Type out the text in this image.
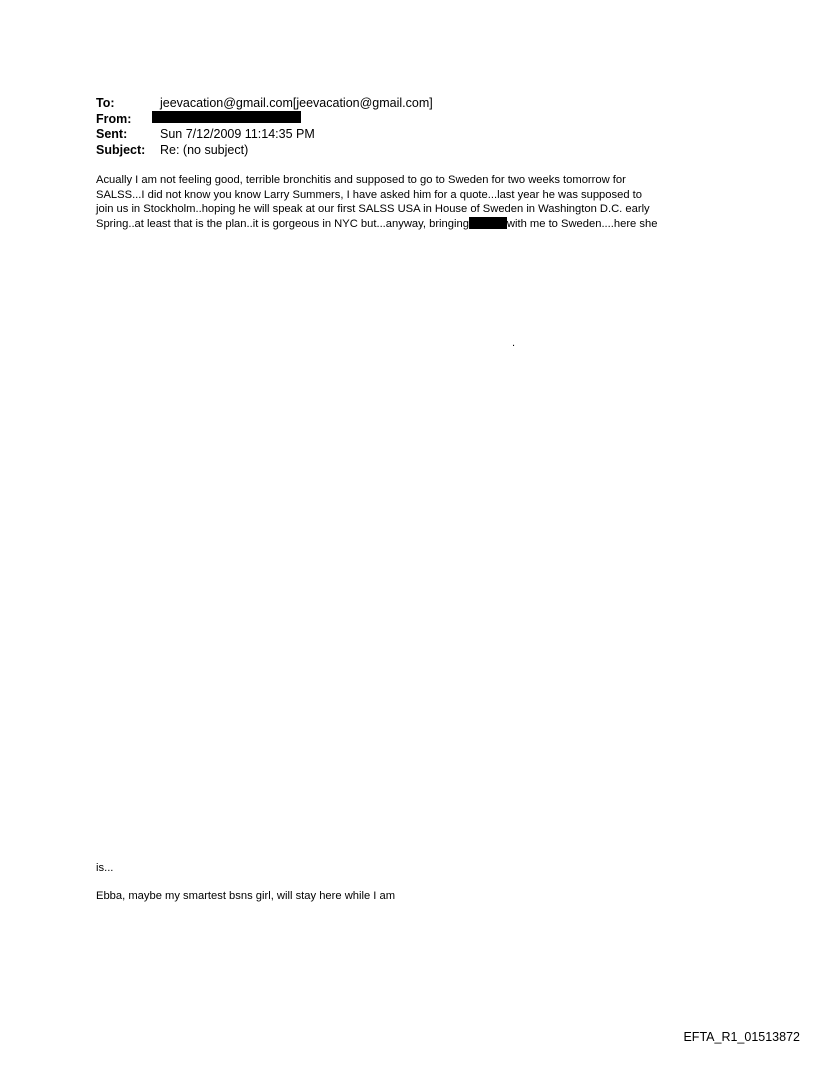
To:	jeevacation@gmail.com[jeevacation@gmail.com]
From:
Sent:	Sun 7/12/2009 11:14:35 PM
Subject:	Re: (no subject)
Acually I am not feeling good, terrible bronchitis and supposed to go to Sweden for two weeks tomorrow for
SALSS...I did not know you know Larry Summers, I have asked him for a quote...last year he was supposed to
join us in Stockholm..hoping he will speak at our first SALSS USA in House of Sweden in Washington D.C. early
Spring..at least that is the plan..it is gorgeous in NYC but...anyway, bringing	with me to Sweden....here she
.
is...
Ebba, maybe my smartest bsns girl, will stay here while I am
EFTA_R1_01513872
